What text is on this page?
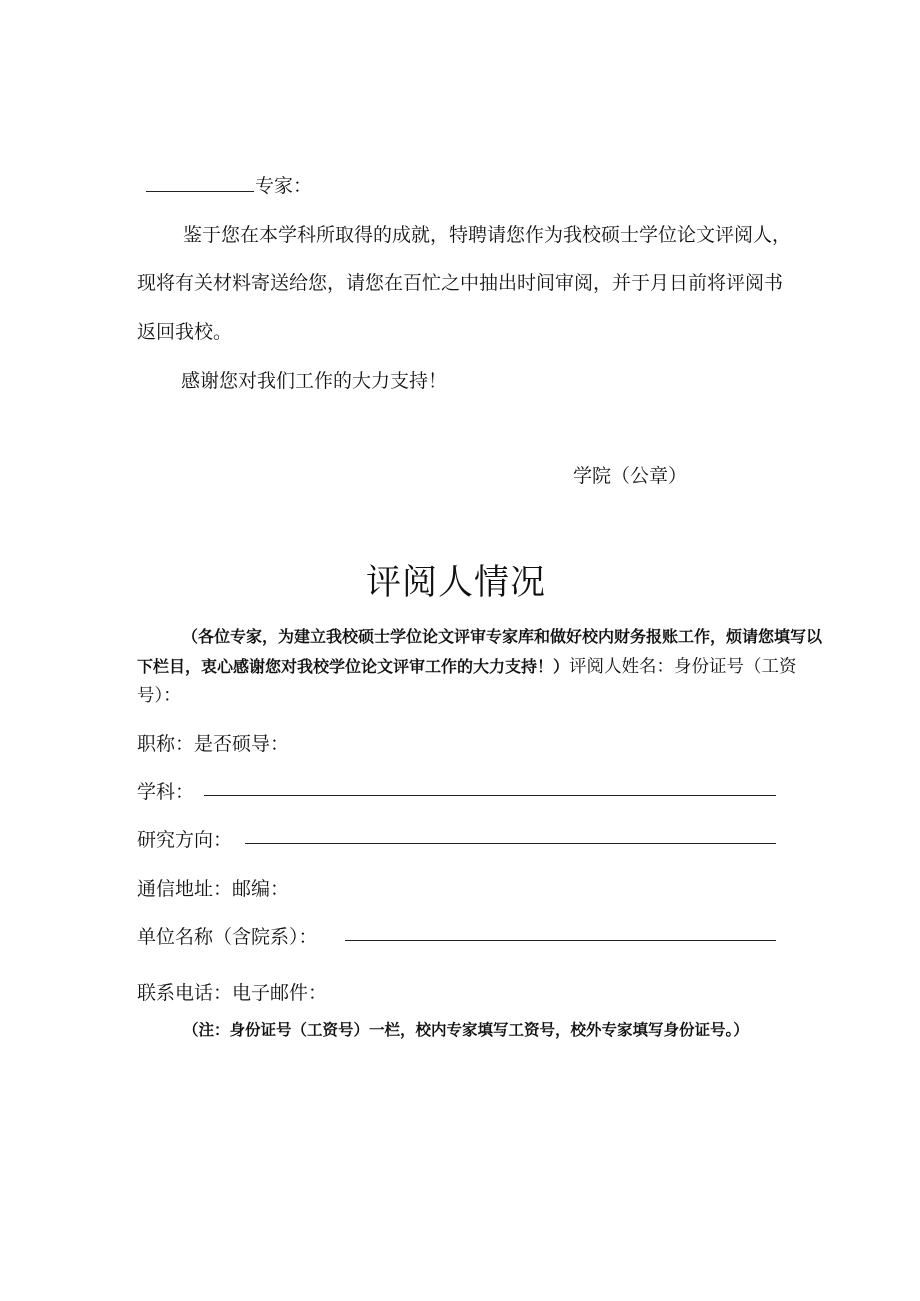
专家：
鉴于您在本学科所取得的成就，特聘请您作为我校硕士学位论文评阅人，
现将有关材料寄送给您，请您在百忙之中抽出时间审阅，并于月日前将评阅书
返回我校。
感谢您对我们工作的大力支持！
学院（公章）
评阅人情况
（各位专家，为建立我校硕士学位论文评审专家库和做好校内财务报账工作，烦请您填写以下栏目，衷心感谢您对我校学位论文评审工作的大力支持！）评阅人姓名：身份证号（工资号）：
职称：是否硕导：
学科：
研究方向：
通信地址：邮编：
单位名称（含院系）：
联系电话：电子邮件：
（注：身份证号（工资号）一栏，校内专家填写工资号，校外专家填写身份证号。）
